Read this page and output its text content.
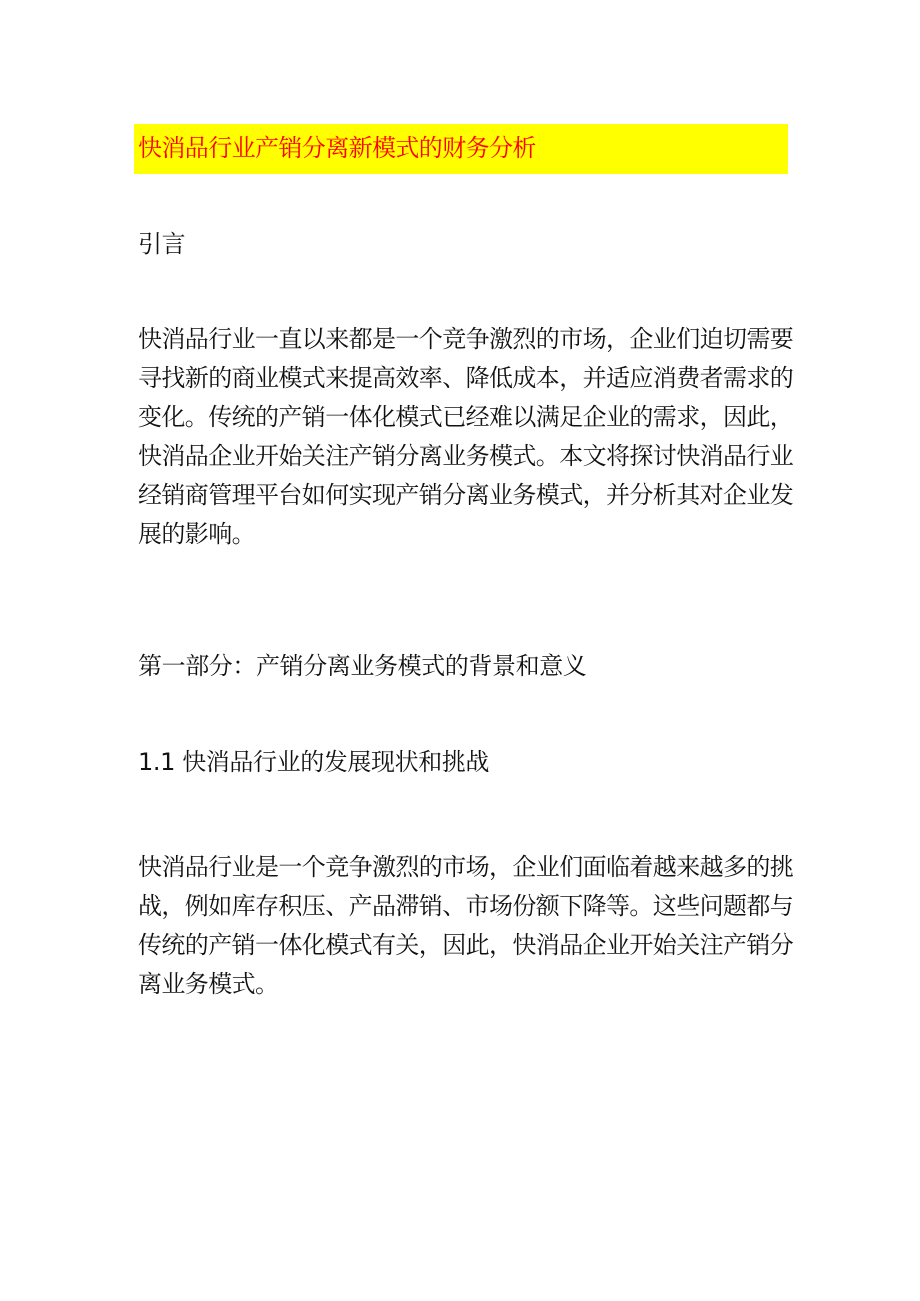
快消品行业产销分离新模式的财务分析
引言
快消品行业一直以来都是一个竞争激烈的市场，企业们迫切需要
寻找新的商业模式来提高效率、降低成本，并适应消费者需求的
变化。传统的产销一体化模式已经难以满足企业的需求，因此，
快消品企业开始关注产销分离业务模式。本文将探讨快消品行业
经销商管理平台如何实现产销分离业务模式，并分析其对企业发
展的影响。
第一部分：产销分离业务模式的背景和意义
1.1 快消品行业的发展现状和挑战
快消品行业是一个竞争激烈的市场，企业们面临着越来越多的挑
战，例如库存积压、产品滞销、市场份额下降等。这些问题都与
传统的产销一体化模式有关，因此，快消品企业开始关注产销分
离业务模式。
